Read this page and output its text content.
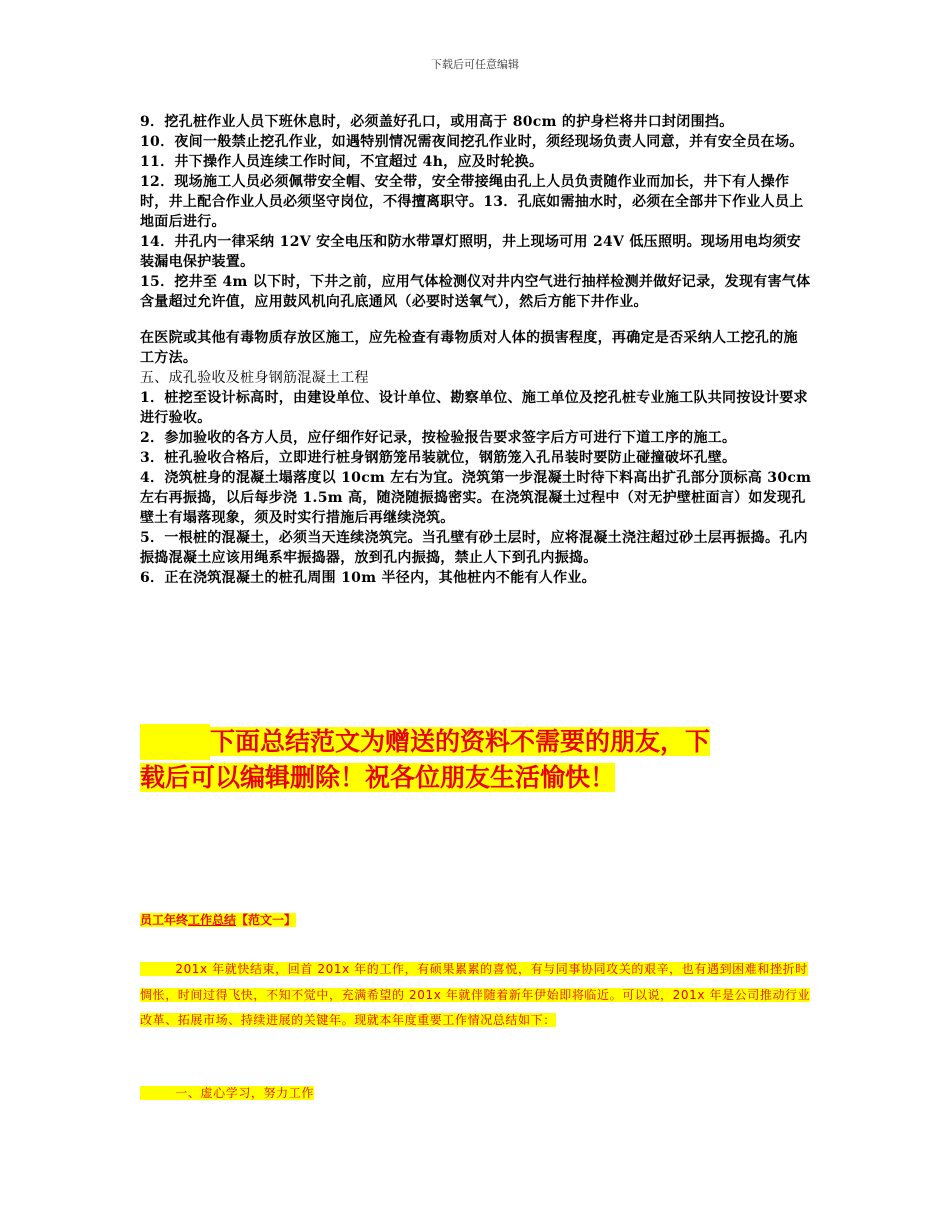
下载后可任意编辑

9．挖孔桩作业人员下班休息时，必须盖好孔口，或用高于 80cm 的护身栏将井口封闭围挡。

10．夜间一般禁止挖孔作业，如遇特别情况需夜间挖孔作业时，须经现场负责人同意，并有安全员在场。11．井下操作人员连续工作时间，不宜超过 4h，应及时轮换。

12．现场施工人员必须佩带安全帽、安全带，安全带接绳由孔上人员负责随作业而加长，井下有人操作时，井上配合作业人员必须坚守岗位，不得擅离职守。13．孔底如需抽水时，必须在全部井下作业人员上地面后进行。

14．井孔内一律采纳 12V 安全电压和防水带罩灯照明，井上现场可用 24V 低压照明。现场用电均须安装漏电保护装置。

15．挖井至 4m 以下时，下井之前，应用气体检测仪对井内空气进行抽样检测并做好记录，发现有害气体含量超过允许值，应用鼓风机向孔底通风（必要时送氧气），然后方能下井作业。

在医院或其他有毒物质存放区施工，应先检查有毒物质对人体的损害程度，再确定是否采纳人工挖孔的施工方法。

五、成孔验收及桩身钢筋混凝土工程

1．桩挖至设计标高时，由建设单位、设计单位、勘察单位、施工单位及挖孔桩专业施工队共同按设计要求进行验收。

2．参加验收的各方人员，应仔细作好记录，按检验报告要求签字后方可进行下道工序的施工。

3．桩孔验收合格后，立即进行桩身钢筋笼吊装就位，钢筋笼入孔吊装时要防止碰撞破坏孔壁。

4．浇筑桩身的混凝土塌落度以 10cm 左右为宜。浇筑第一步混凝土时待下料高出扩孔部分顶标高 30cm 左右再振捣，以后每步浇 1.5m 高，随浇随振捣密实。在浇筑混凝土过程中（对无护壁桩面言）如发现孔壁土有塌落现象，须及时实行措施后再继续浇筑。

5．一根桩的混凝土，必须当天连续浇筑完。当孔壁有砂土层时，应将混凝土浇注超过砂土层再振捣。孔内振捣混凝土应该用绳系牢振捣器，放到孔内振捣，禁止人下到孔内振捣。

6．正在浇筑混凝土的桩孔周围 10m 半径内，其他桩内不能有人作业。

下面总结范文为赠送的资料不需要的朋友，下
载后可以编辑删除！祝各位朋友生活愉快！
员工年终工作总结【范文一】
201x 年就快结束，回首 201x 年的工作，有硕果累累的喜悦，有与同事协同攻关的艰辛，也有遇到困难和挫折时惆怅，时间过得飞快，不知不觉中，充满希望的 201x 年就伴随着新年伊始即将临近。可以说，201x 年是公司推动行业改革、拓展市场、持续进展的关键年。现就本年度重要工作情况总结如下：
一、虚心学习，努力工作
